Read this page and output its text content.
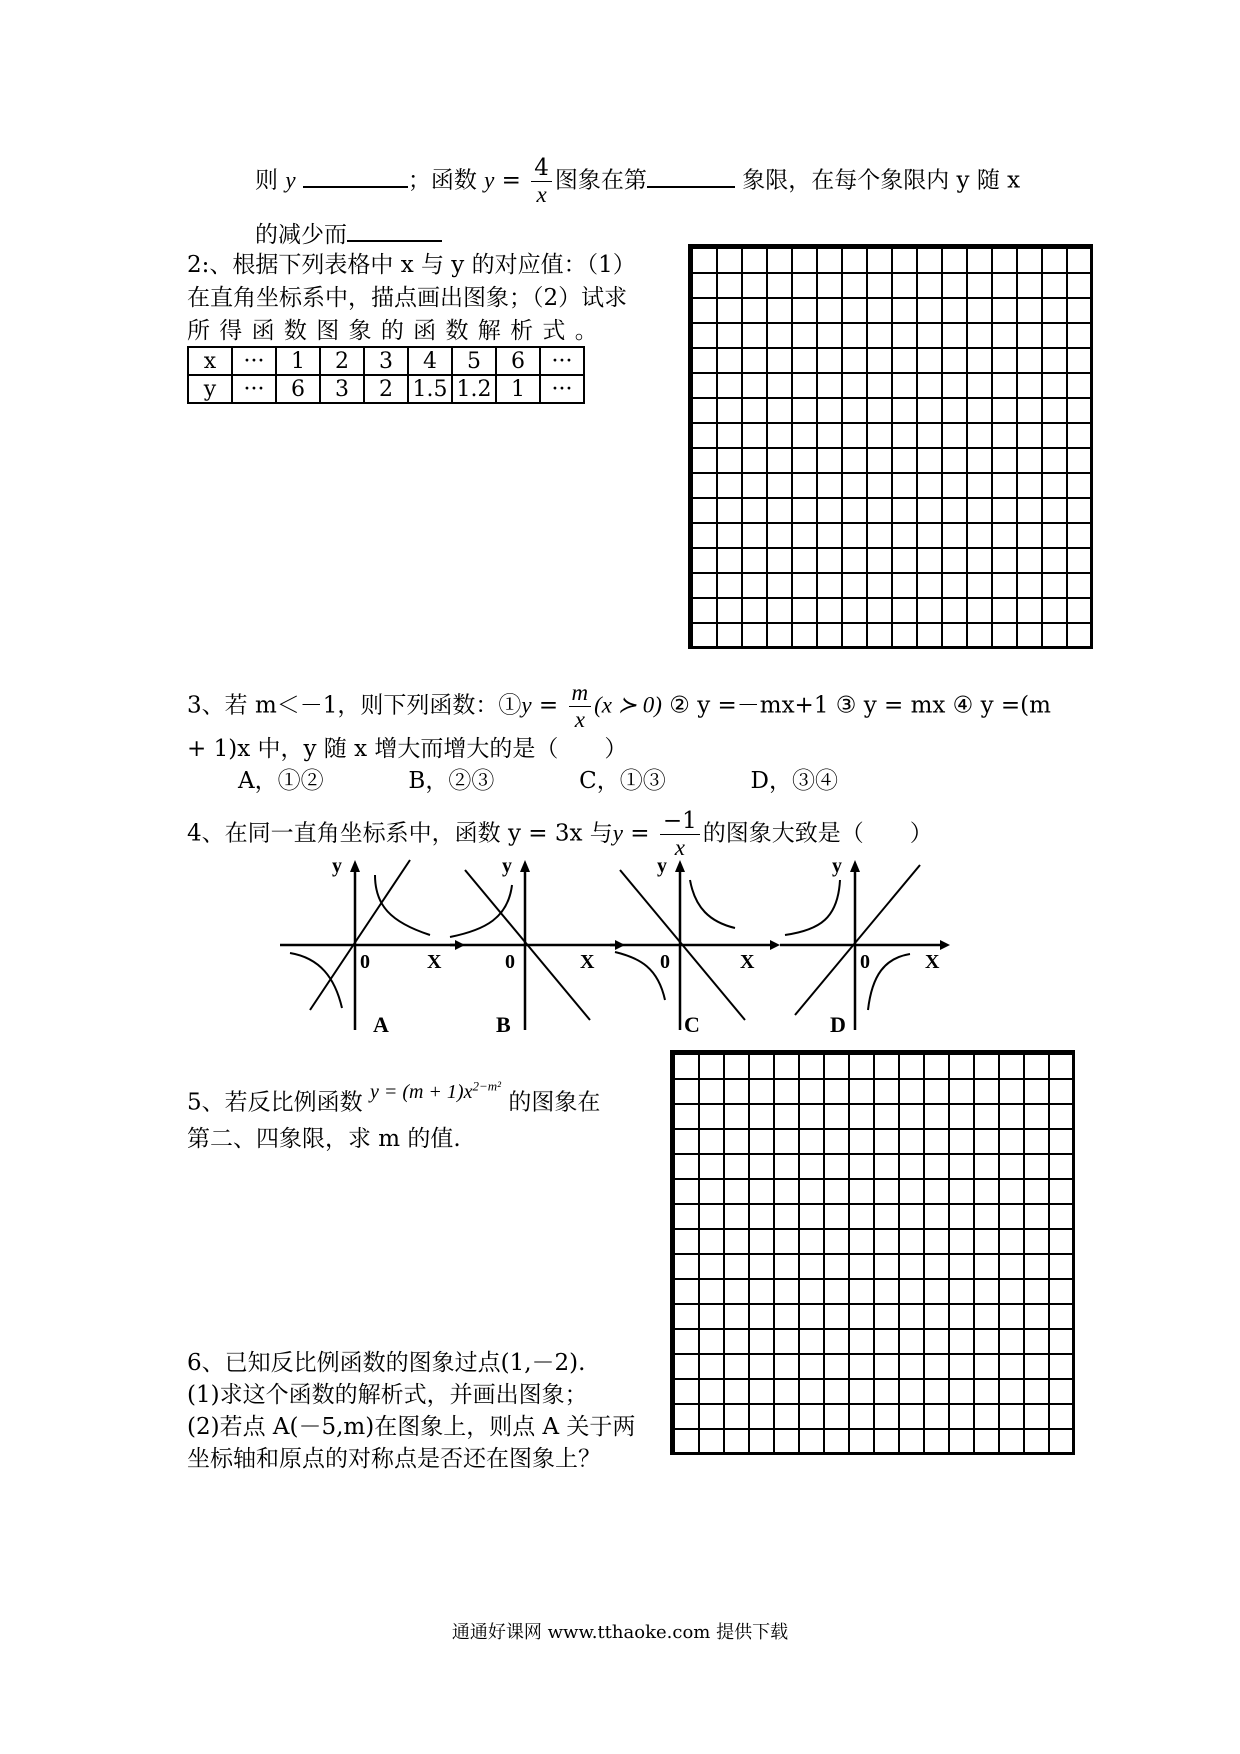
则 y	；函数 $y = \frac{4}{x}$ 图象在第	象限，在每个象限内 y 随 x
的减少而
2:、根据下列表格中 x 与 y 的对应值：（1）
在直角坐标系中，描点画出图象；（2）试求
所 得 函 数 图 象 的 函 数 解 析 式 。
x	···	1	2	3	4	5	6	···
y	···	6	3	2	1.5	1.2	1	···
3、若 m＜－1，则下列函数：①y = $\frac{m}{x} (x$ ≻ 0) ② y =－mx+1 ③ y = mx ④ y =(m
+ 1)x 中，y 随 x 增大而增大的是（　　）
A，①②	B，②③	C，①③	D，③④
4、在同一直角坐标系中，函数 y = 3x 与$y = \frac{-1}{x}$ 的图象大致是（　　）
y
0	X
A
y
0	X
B
y
0	X
C
y
0	X
D
5、若反比例函数 $y = (m + 1)x^{2-m^2}$ 的图象在
第二、四象限，求 m 的值.
6、已知反比例函数的图象过点(1,－2).
(1)求这个函数的解析式，并画出图象；
(2)若点 A(－5,m)在图象上，则点 A 关于两
坐标轴和原点的对称点是否还在图象上？
通通好课网 www.tthaoke.com 提供下载
